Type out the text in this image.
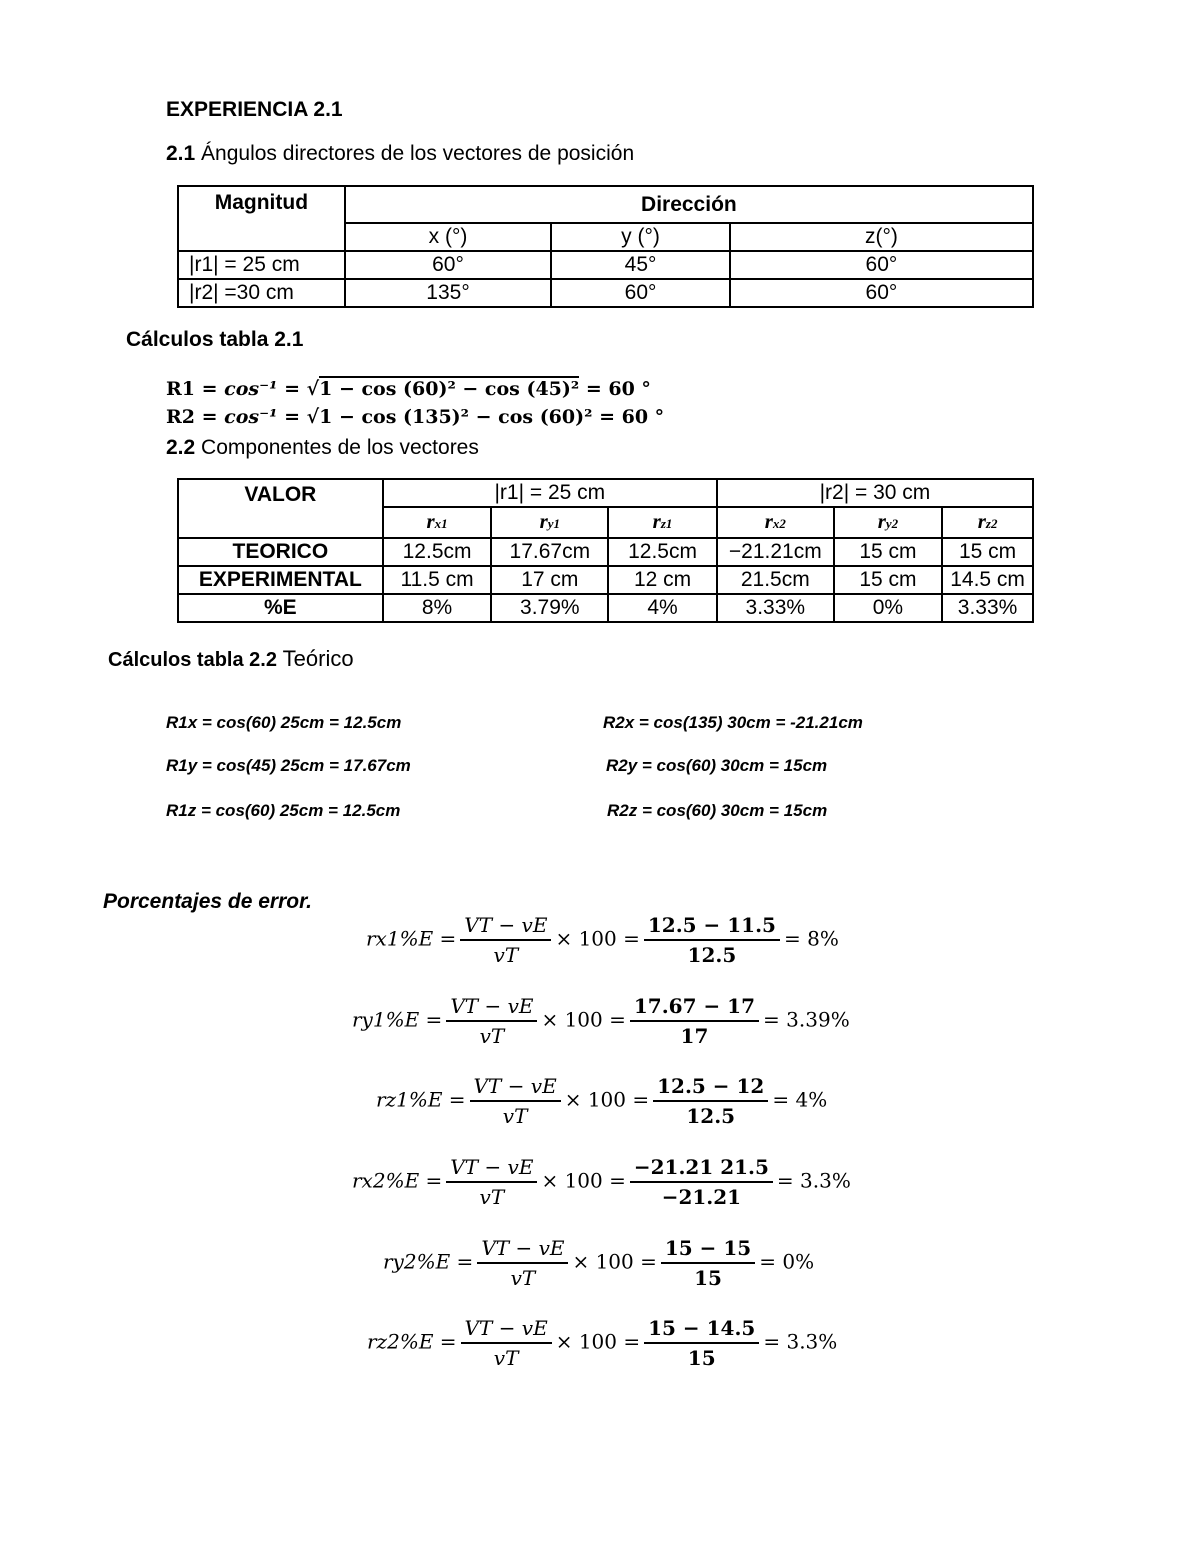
EXPERIENCIA 2.1
2.1 Ángulos directores de los vectores de posición
Magnitud	Dirección		
	x (°)	y (°)	z(°)
|r1| = 25 cm	60°	45°	60°
|r2| =30 cm	135°	60°	60°
Cálculos tabla 2.1
R1 = cos⁻¹ = √1 − cos (60)² − cos (45)² = 60 °
R2 = cos⁻¹ = √1 − cos (135)² − cos (60)² = 60 °
2.2 Componentes de los vectores
VALOR	|r1| = 25 cm			|r2| = 30 cm		
	rx1	ry1	rz1	rx2	ry2	rz2
TEORICO	12.5cm	17.67cm	12.5cm	−21.21cm	15 cm	15 cm
EXPERIMENTAL	11.5 cm	17 cm	12 cm	21.5cm	15 cm	14.5 cm
%E	8%	3.79%	4%	3.33%	0%	3.33%
Cálculos tabla 2.2 Teórico
R1x = cos(60) 25cm = 12.5cm
R1y = cos(45) 25cm = 17.67cm
R1z = cos(60) 25cm = 12.5cm
R2x = cos(135) 30cm = -21.21cm
R2y = cos(60) 30cm = 15cm
R2z = cos(60) 30cm = 15cm
Porcentajes de error.
$rx1\%E = \frac{VT - vE}{vT} \times 100 = \frac{12.5 - 11.5}{12.5} = 8\%$
$ry1\%E = \frac{VT - vE}{vT} \times 100 = \frac{17.67 - 17}{17} = 3.39\%$
$rz1\%E = \frac{VT - vE}{vT} \times 100 = \frac{12.5 - 12}{12.5} = 4\%$
$rx2\%E = \frac{VT - vE}{vT} \times 100 = \frac{-21.21 21.5}{-21.21} = 3.3\%$
$ry2\%E = \frac{VT - vE}{vT} \times 100 = \frac{15 - 15}{15} = 0\%$
$rz2\%E = \frac{VT - vE}{vT} \times 100 = \frac{15 - 14.5}{15} = 3.3\%$
